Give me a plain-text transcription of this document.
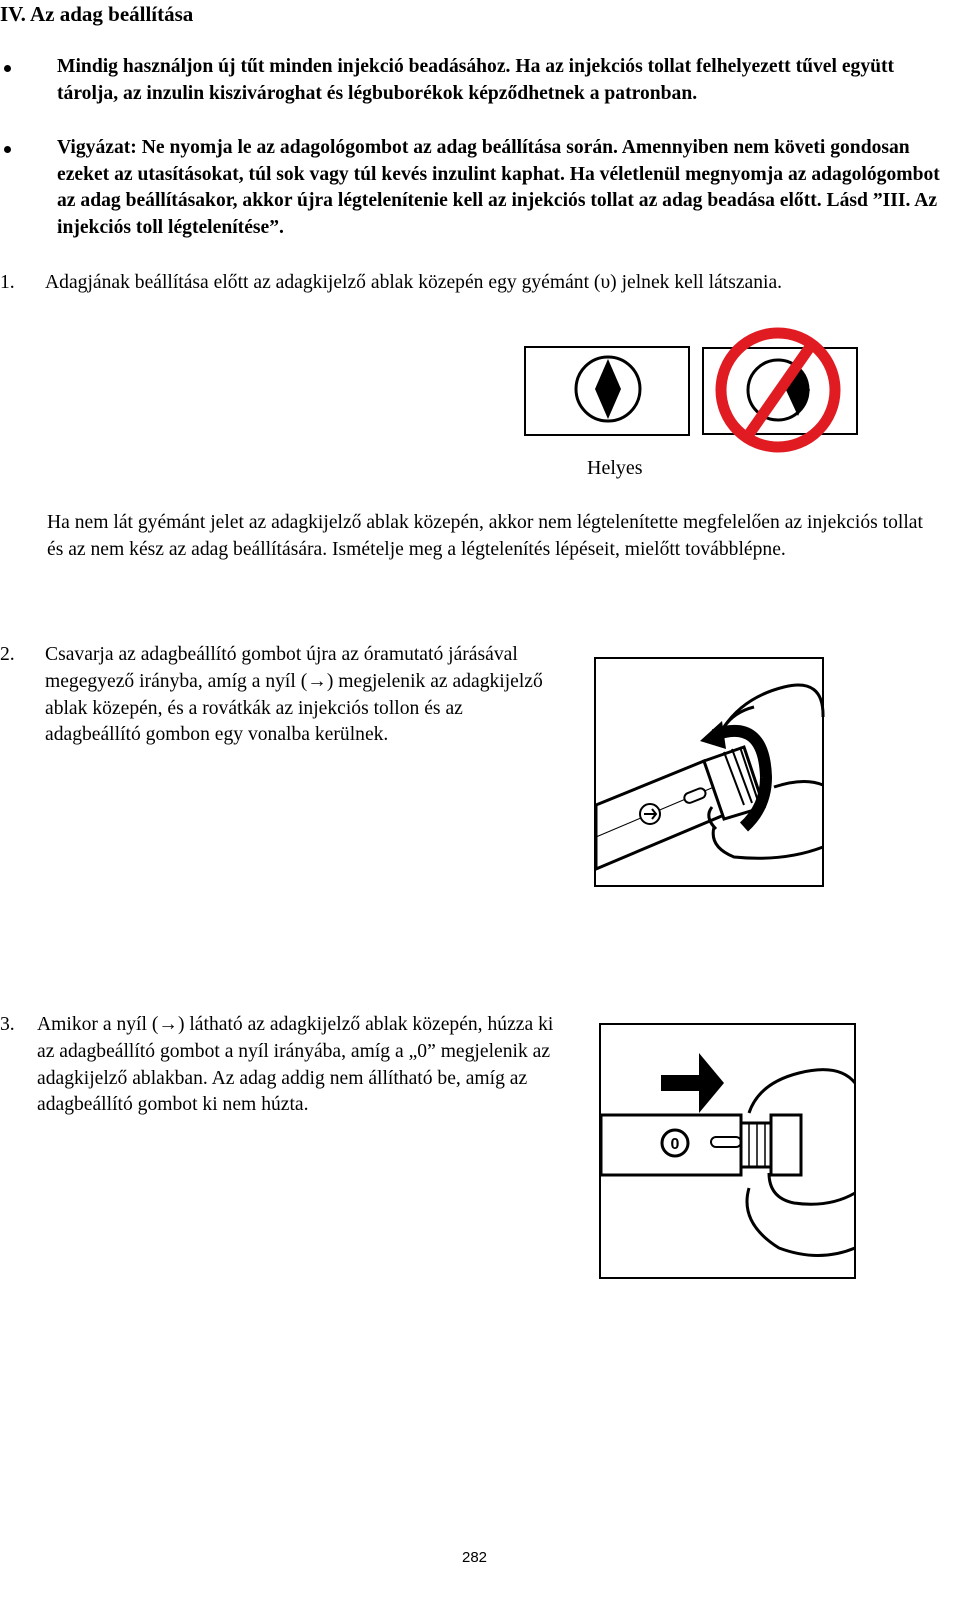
IV. Az adag beállítása
Mindig használjon új tűt minden injekció beadásához. Ha az injekciós tollat felhelyezett tűvel együtt tárolja, az inzulin kiszivároghat és légbuborékok képződhetnek a patronban.
Vigyázat: Ne nyomja le az adagológombot az adag beállítása során. Amennyiben nem követi gondosan ezeket az utasításokat, túl sok vagy túl kevés inzulint kaphat. Ha véletlenül megnyomja az adagológombot az adag beállításakor, akkor újra légtelenítenie kell az injekciós tollat az adag beadása előtt. Lásd ”III. Az injekciós toll légtelenítése”.
1. Adagjának beállítása előtt az adagkijelző ablak közepén egy gyémánt (υ) jelnek kell látszania.
Helyes
Ha nem lát gyémánt jelet az adagkijelző ablak közepén, akkor nem légtelenítette megfelelően az injekciós tollat és az nem kész az adag beállítására. Ismételje meg a légtelenítés lépéseit, mielőtt továbblépne.
2. Csavarja az adagbeállító gombot újra az óramutató járásával megegyező irányba, amíg a nyíl (→) megjelenik az adagkijelző ablak közepén, és a rovátkák az injekciós tollon és az adagbeállító gombon egy vonalba kerülnek.
3. Amikor a nyíl (→) látható az adagkijelző ablak közepén, húzza ki az adagbeállító gombot a nyíl irányába, amíg a „0” megjelenik az adagkijelző ablakban. Az adag addig nem állítható be, amíg az adagbeállító gombot ki nem húzta.
0
282
